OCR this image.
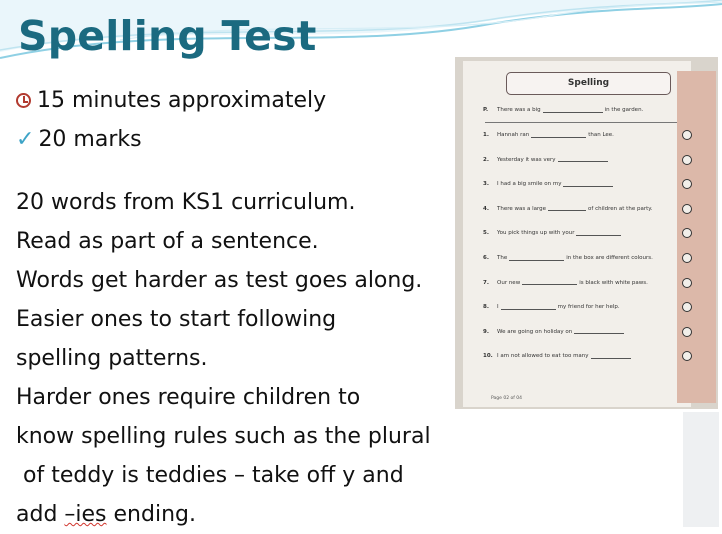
Spelling Test
15 minutes approximately
✓ 20 marks
20 words from KS1 curriculum.
Read as part of a sentence.
Words get harder as test goes along.
Easier ones to start following
spelling patterns.
Harder ones require children to
know spelling rules such as the plural
of teddy is teddies – take off y and
add –ies ending.
Spelling
P.	There was a big	in the garden.
1.	Hannah ran	than Lee.
2.	Yesterday it was very
3.	I had a big smile on my
4.	There was a large	of children at the party.
5.	You pick things up with your
6.	The	in the box are different colours.
7.	Our new	is black with white paws.
8.	I	my friend for her help.
9.	We are going on holiday on
10. I am not allowed to eat too many
Page 02 of 04
